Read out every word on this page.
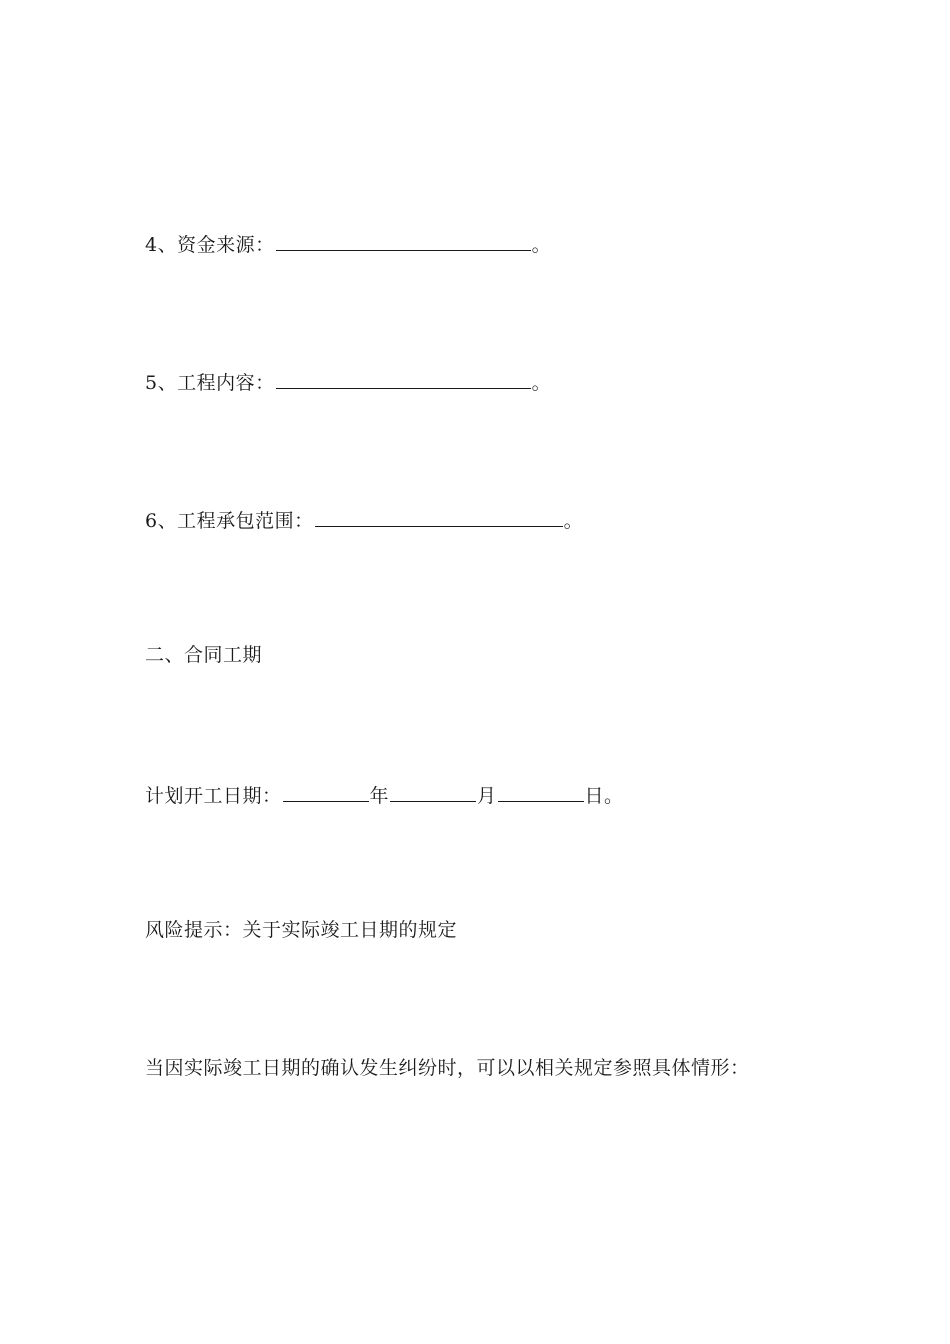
4、资金来源：	。
5、工程内容：	。
6、工程承包范围：	。
二、合同工期
计划开工日期：	年	月	日。
风险提示：关于实际竣工日期的规定
当因实际竣工日期的确认发生纠纷时，可以以相关规定参照具体情形：
